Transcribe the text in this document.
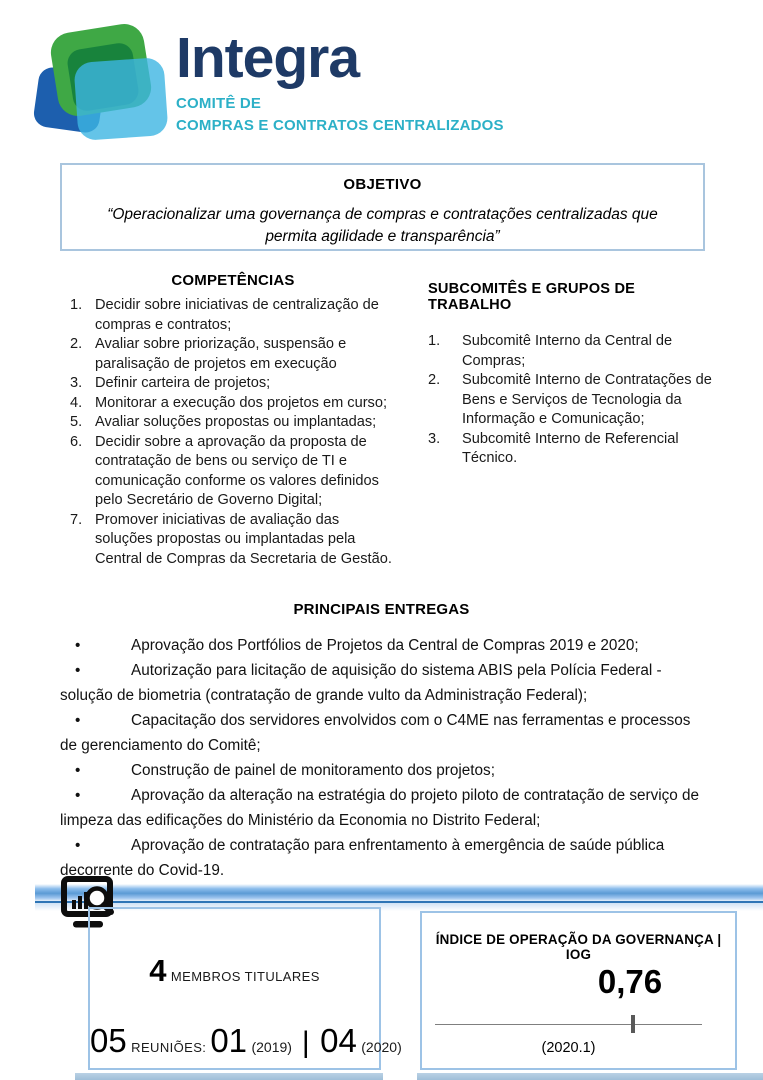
Integra
COMITÊ DE
COMPRAS E CONTRATOS CENTRALIZADOS
OBJETIVO

“Operacionalizar uma governança de compras e contratações centralizadas que permita agilidade e transparência”

COMPETÊNCIAS
Decidir sobre iniciativas de centralização de compras e contratos;
Avaliar sobre priorização, suspensão e paralisação de projetos em execução
Definir carteira de projetos;
Monitorar a execução dos projetos em curso;
Avaliar soluções propostas ou implantadas;
Decidir sobre a aprovação da proposta de contratação de bens ou serviço de TI e comunicação conforme os valores definidos pelo Secretário de Governo Digital;
Promover iniciativas de avaliação das soluções propostas ou implantadas pela Central de Compras da Secretaria de Gestão.
SUBCOMITÊS E GRUPOS DE TRABALHO
Subcomitê Interno da Central de Compras;
Subcomitê Interno de Contratações de Bens e Serviços de Tecnologia da Informação e Comunicação;
Subcomitê Interno de Referencial Técnico.
PRINCIPAIS ENTREGAS

•	Aprovação dos Portfólios de Projetos da Central de Compras 2019 e 2020;

•	Autorização para licitação de aquisição do sistema ABIS pela Polícia Federal - solução de biometria (contratação de grande vulto da Administração Federal);

•	Capacitação dos servidores envolvidos com o C4ME nas ferramentas e processos de gerenciamento do Comitê;

•	Construção de painel de monitoramento dos projetos;

•	Aprovação da alteração na estratégia do projeto piloto de contratação de serviço de limpeza das edificações do Ministério da Economia no Distrito Federal;

•	Aprovação de contratação para enfrentamento à emergência de saúde pública decorrente do Covid-19.

4 MEMBROS TITULARES
05 REUNIÕES: 01 (2019) | 04 (2020)
ÍNDICE DE OPERAÇÃO DA GOVERNANÇA | IOG
0,76
(2020.1)
